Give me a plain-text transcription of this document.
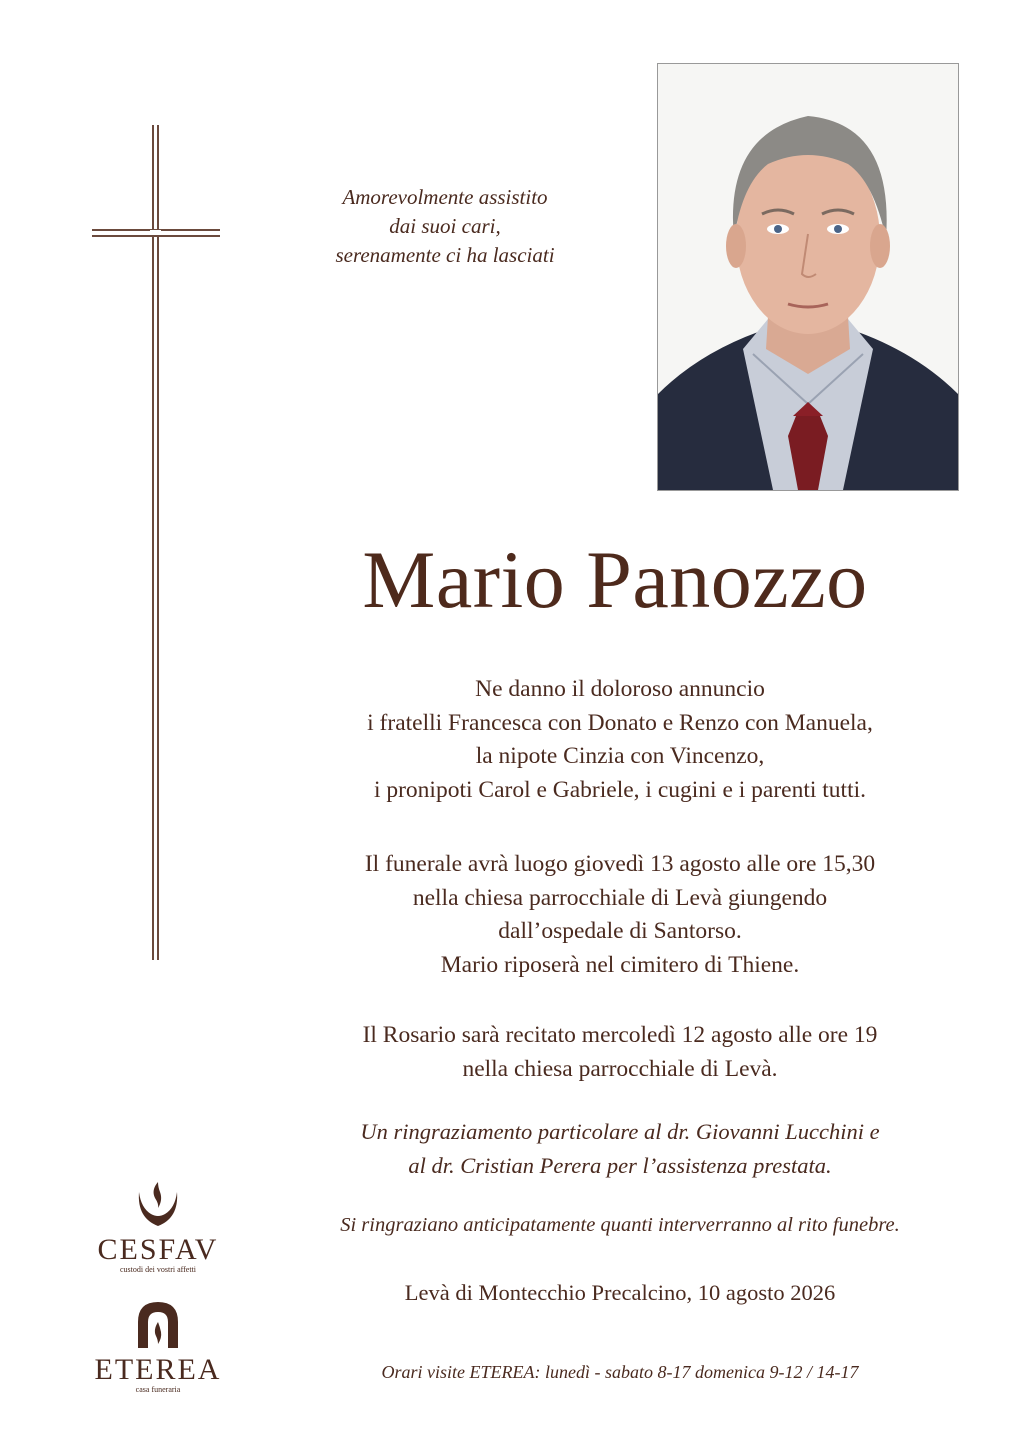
Amorevolmente assistito
dai suoi cari,
serenamente ci ha lasciati
Mario Panozzo
Ne danno il doloroso annuncio
i fratelli Francesca con Donato e Renzo con Manuela,
la nipote Cinzia con Vincenzo,
i pronipoti Carol e Gabriele, i cugini e i parenti tutti.
Il funerale avrà luogo giovedì 13 agosto alle ore 15,30
nella chiesa parrocchiale di Levà giungendo
dall’ospedale di Santorso.
Mario riposerà nel cimitero di Thiene.
Il Rosario sarà recitato mercoledì 12 agosto alle ore 19
nella chiesa parrocchiale di Levà.
Un ringraziamento particolare al dr. Giovanni Lucchini e
al dr. Cristian Perera per l’assistenza prestata.
Si ringraziano anticipatamente quanti interverranno al rito funebre.
Levà di Montecchio Precalcino, 10 agosto 2026
Orari visite ETEREA: lunedì - sabato 8-17 domenica 9-12 / 14-17
CESFAV
custodi dei vostri affetti
ETEREA
casa funeraria
